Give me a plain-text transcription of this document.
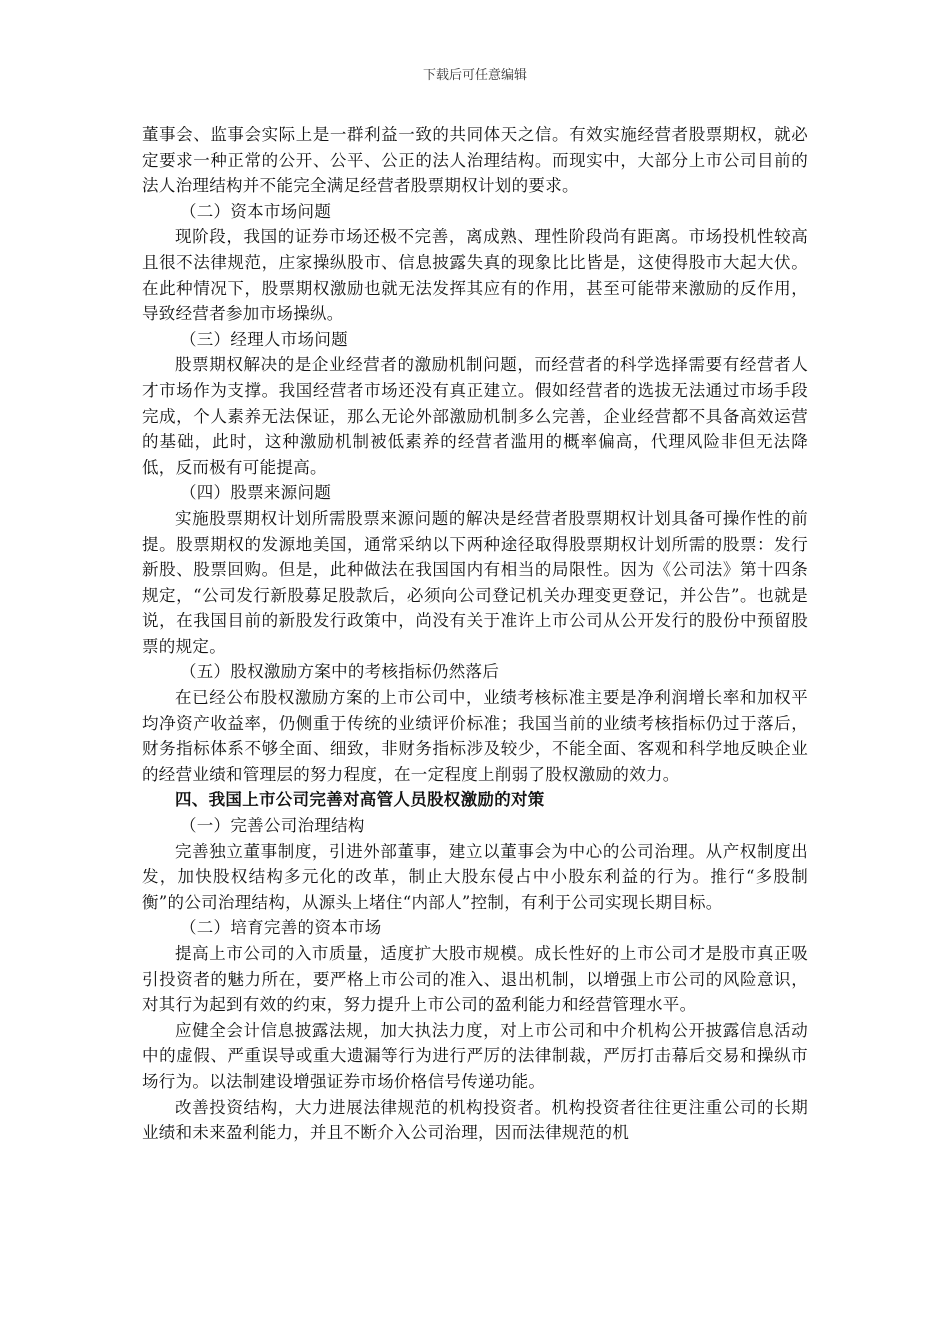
下载后可任意编辑

董事会、监事会实际上是一群利益一致的共同体天之信。有效实施经营者股票期权，就必定要求一种正常的公开、公平、公正的法人治理结构。而现实中，大部分上市公司目前的法人治理结构并不能完全满足经营者股票期权计划的要求。

（二）资本市场问题

现阶段，我国的证券市场还极不完善，离成熟、理性阶段尚有距离。市场投机性较高且很不法律规范，庄家操纵股市、信息披露失真的现象比比皆是，这使得股市大起大伏。在此种情况下，股票期权激励也就无法发挥其应有的作用，甚至可能带来激励的反作用，导致经营者参加市场操纵。

（三）经理人市场问题

股票期权解决的是企业经营者的激励机制问题，而经营者的科学选择需要有经营者人才市场作为支撑。我国经营者市场还没有真正建立。假如经营者的选拔无法通过市场手段完成，个人素养无法保证，那么无论外部激励机制多么完善，企业经营都不具备高效运营的基础，此时，这种激励机制被低素养的经营者滥用的概率偏高，代理风险非但无法降低，反而极有可能提高。

（四）股票来源问题

实施股票期权计划所需股票来源问题的解决是经营者股票期权计划具备可操作性的前提。股票期权的发源地美国，通常采纳以下两种途径取得股票期权计划所需的股票：发行新股、股票回购。但是，此种做法在我国国内有相当的局限性。因为《公司法》第十四条规定，“公司发行新股募足股款后，必须向公司登记机关办理变更登记，并公告”。也就是说，在我国目前的新股发行政策中，尚没有关于准许上市公司从公开发行的股份中预留股票的规定。

（五）股权激励方案中的考核指标仍然落后

在已经公布股权激励方案的上市公司中，业绩考核标准主要是净利润增长率和加权平均净资产收益率，仍侧重于传统的业绩评价标准；我国当前的业绩考核指标仍过于落后，财务指标体系不够全面、细致，非财务指标涉及较少，不能全面、客观和科学地反映企业的经营业绩和管理层的努力程度，在一定程度上削弱了股权激励的效力。

四、我国上市公司完善对高管人员股权激励的对策

（一）完善公司治理结构

完善独立董事制度，引进外部董事，建立以董事会为中心的公司治理。从产权制度出发，加快股权结构多元化的改革，制止大股东侵占中小股东利益的行为。推行“多股制衡”的公司治理结构，从源头上堵住“内部人”控制，有利于公司实现长期目标。

（二）培育完善的资本市场

提高上市公司的入市质量，适度扩大股市规模。成长性好的上市公司才是股市真正吸引投资者的魅力所在，要严格上市公司的准入、退出机制，以增强上市公司的风险意识，对其行为起到有效的约束，努力提升上市公司的盈利能力和经营管理水平。

应健全会计信息披露法规，加大执法力度，对上市公司和中介机构公开披露信息活动中的虚假、严重误导或重大遗漏等行为进行严厉的法律制裁，严厉打击幕后交易和操纵市场行为。以法制建设增强证券市场价格信号传递功能。

改善投资结构，大力进展法律规范的机构投资者。机构投资者往往更注重公司的长期业绩和未来盈利能力，并且不断介入公司治理，因而法律规范的机
